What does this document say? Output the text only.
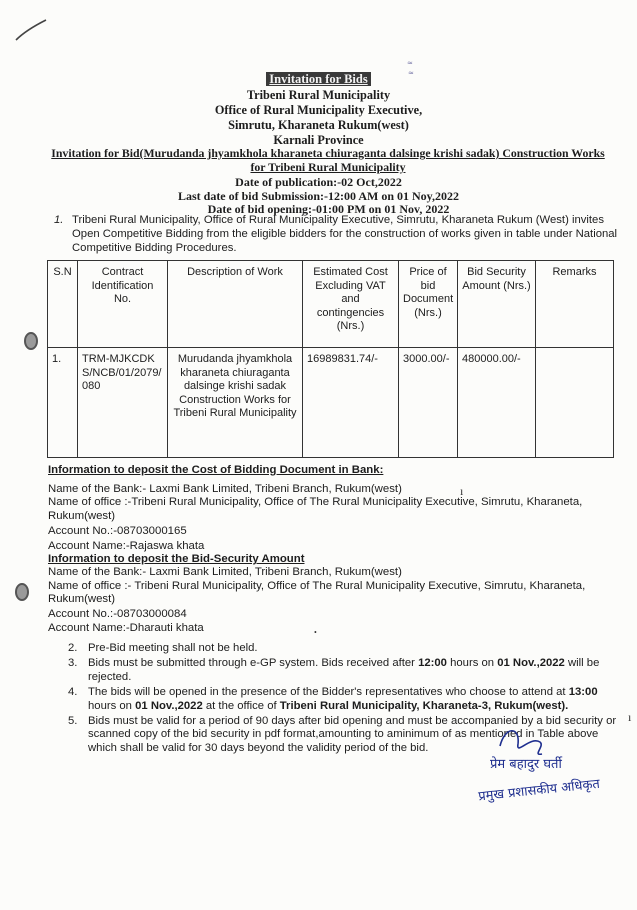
≈
≈
Invitation for Bids
Tribeni Rural Municipality
Office of Rural Municipality Executive,
Simrutu, Kharaneta Rukum(west)
Karnali Province
Invitation for Bid(Murudanda jhyamkhola kharaneta chiuraganta dalsinge krishi sadak) Construction Works for Tribeni Rural Municipality
Date of publication:-02 Oct,2022
Last date of bid Submission:-12:00 AM on 01 Noy,2022
Date of bid opening:-01:00 PM on 01 Nov, 2022
1. Tribeni Rural Municipality, Office of Rural Municipality Executive, Simrutu, Kharaneta Rukum (West) invites Open Competitive Bidding from the eligible bidders for the construction of works given in table under National Competitive Bidding Procedures.
S.N	Contract Identification No.	Description of Work	Estimated Cost Excluding VAT and contingencies (Nrs.)	Price of bid Document (Nrs.)	Bid Security Amount (Nrs.)	Remarks
1.	TRM-MJKCDKS/NCB/01/2079/080	Murudanda jhyamkhola kharaneta chiuraganta dalsinge krishi sadak Construction Works for Tribeni Rural Municipality	16989831.74/-	3000.00/-	480000.00/-	
Information to deposit the Cost of Bidding Document in Bank:
Name of the Bank:- Laxmi Bank Limited, Tribeni Branch, Rukum(west)
Name of office :-Tribeni Rural Municipality, Office of The Rural Municipality Executive, Simrutu, Kharaneta, Rukum(west)
Account No.:-08703000165
Account Name:-Rajaswa khata
Information to deposit the Bid-Security Amount
Name of the Bank:- Laxmi Bank Limited, Tribeni Branch, Rukum(west)
Name of office :- Tribeni Rural Municipality, Office of The Rural Municipality Executive, Simrutu, Kharaneta, Rukum(west)
Account No.:-08703000084
Account Name:-Dharauti khata
ı
•
ı
2. Pre-Bid meeting shall not be held.
3. Bids must be submitted through e-GP system. Bids received after 12:00 hours on 01 Nov.,2022 will be rejected.
4. The bids will be opened in the presence of the Bidder's representatives who choose to attend at 13:00 hours on 01 Nov.,2022 at the office of Tribeni Rural Municipality, Kharaneta-3, Rukum(west).
5. Bids must be valid for a period of 90 days after bid opening and must be accompanied by a bid security or scanned copy of the bid security in pdf format,amounting to aminimum of as mentioned in Table above which shall be valid for 30 days beyond the validity period of the bid.
प्रेम बहादुर घर्ती
प्रमुख प्रशासकीय अधिकृत
